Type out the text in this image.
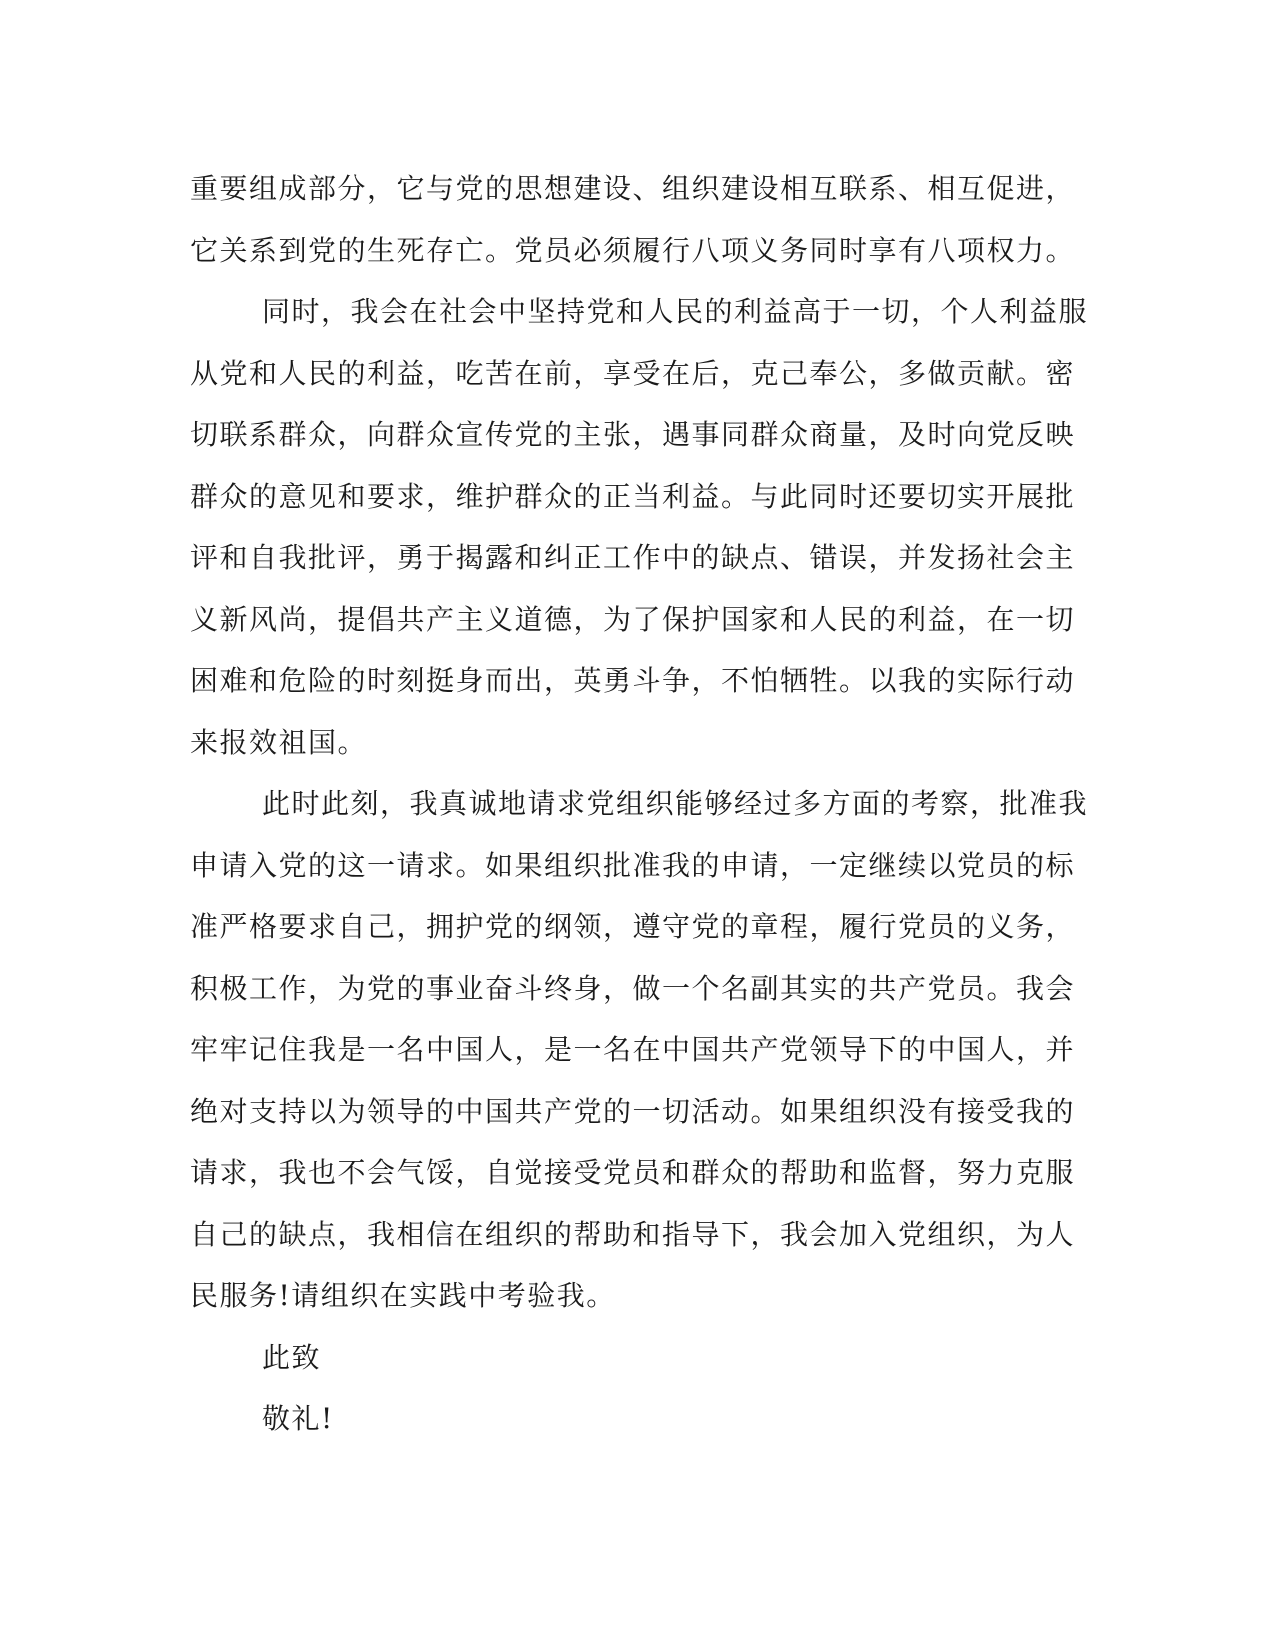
重要组成部分，它与党的思想建设、组织建设相互联系、相互促进，
它关系到党的生死存亡。党员必须履行八项义务同时享有八项权力。
同时，我会在社会中坚持党和人民的利益高于一切，个人利益服
从党和人民的利益，吃苦在前，享受在后，克己奉公，多做贡献。密
切联系群众，向群众宣传党的主张，遇事同群众商量，及时向党反映
群众的意见和要求，维护群众的正当利益。与此同时还要切实开展批
评和自我批评，勇于揭露和纠正工作中的缺点、错误，并发扬社会主
义新风尚，提倡共产主义道德，为了保护国家和人民的利益，在一切
困难和危险的时刻挺身而出，英勇斗争，不怕牺牲。以我的实际行动
来报效祖国。
此时此刻，我真诚地请求党组织能够经过多方面的考察，批准我
申请入党的这一请求。如果组织批准我的申请，一定继续以党员的标
准严格要求自己，拥护党的纲领，遵守党的章程，履行党员的义务，
积极工作，为党的事业奋斗终身，做一个名副其实的共产党员。我会
牢牢记住我是一名中国人，是一名在中国共产党领导下的中国人，并
绝对支持以为领导的中国共产党的一切活动。如果组织没有接受我的
请求，我也不会气馁，自觉接受党员和群众的帮助和监督，努力克服
自己的缺点，我相信在组织的帮助和指导下，我会加入党组织，为人
民服务!请组织在实践中考验我。
此致
敬礼!
